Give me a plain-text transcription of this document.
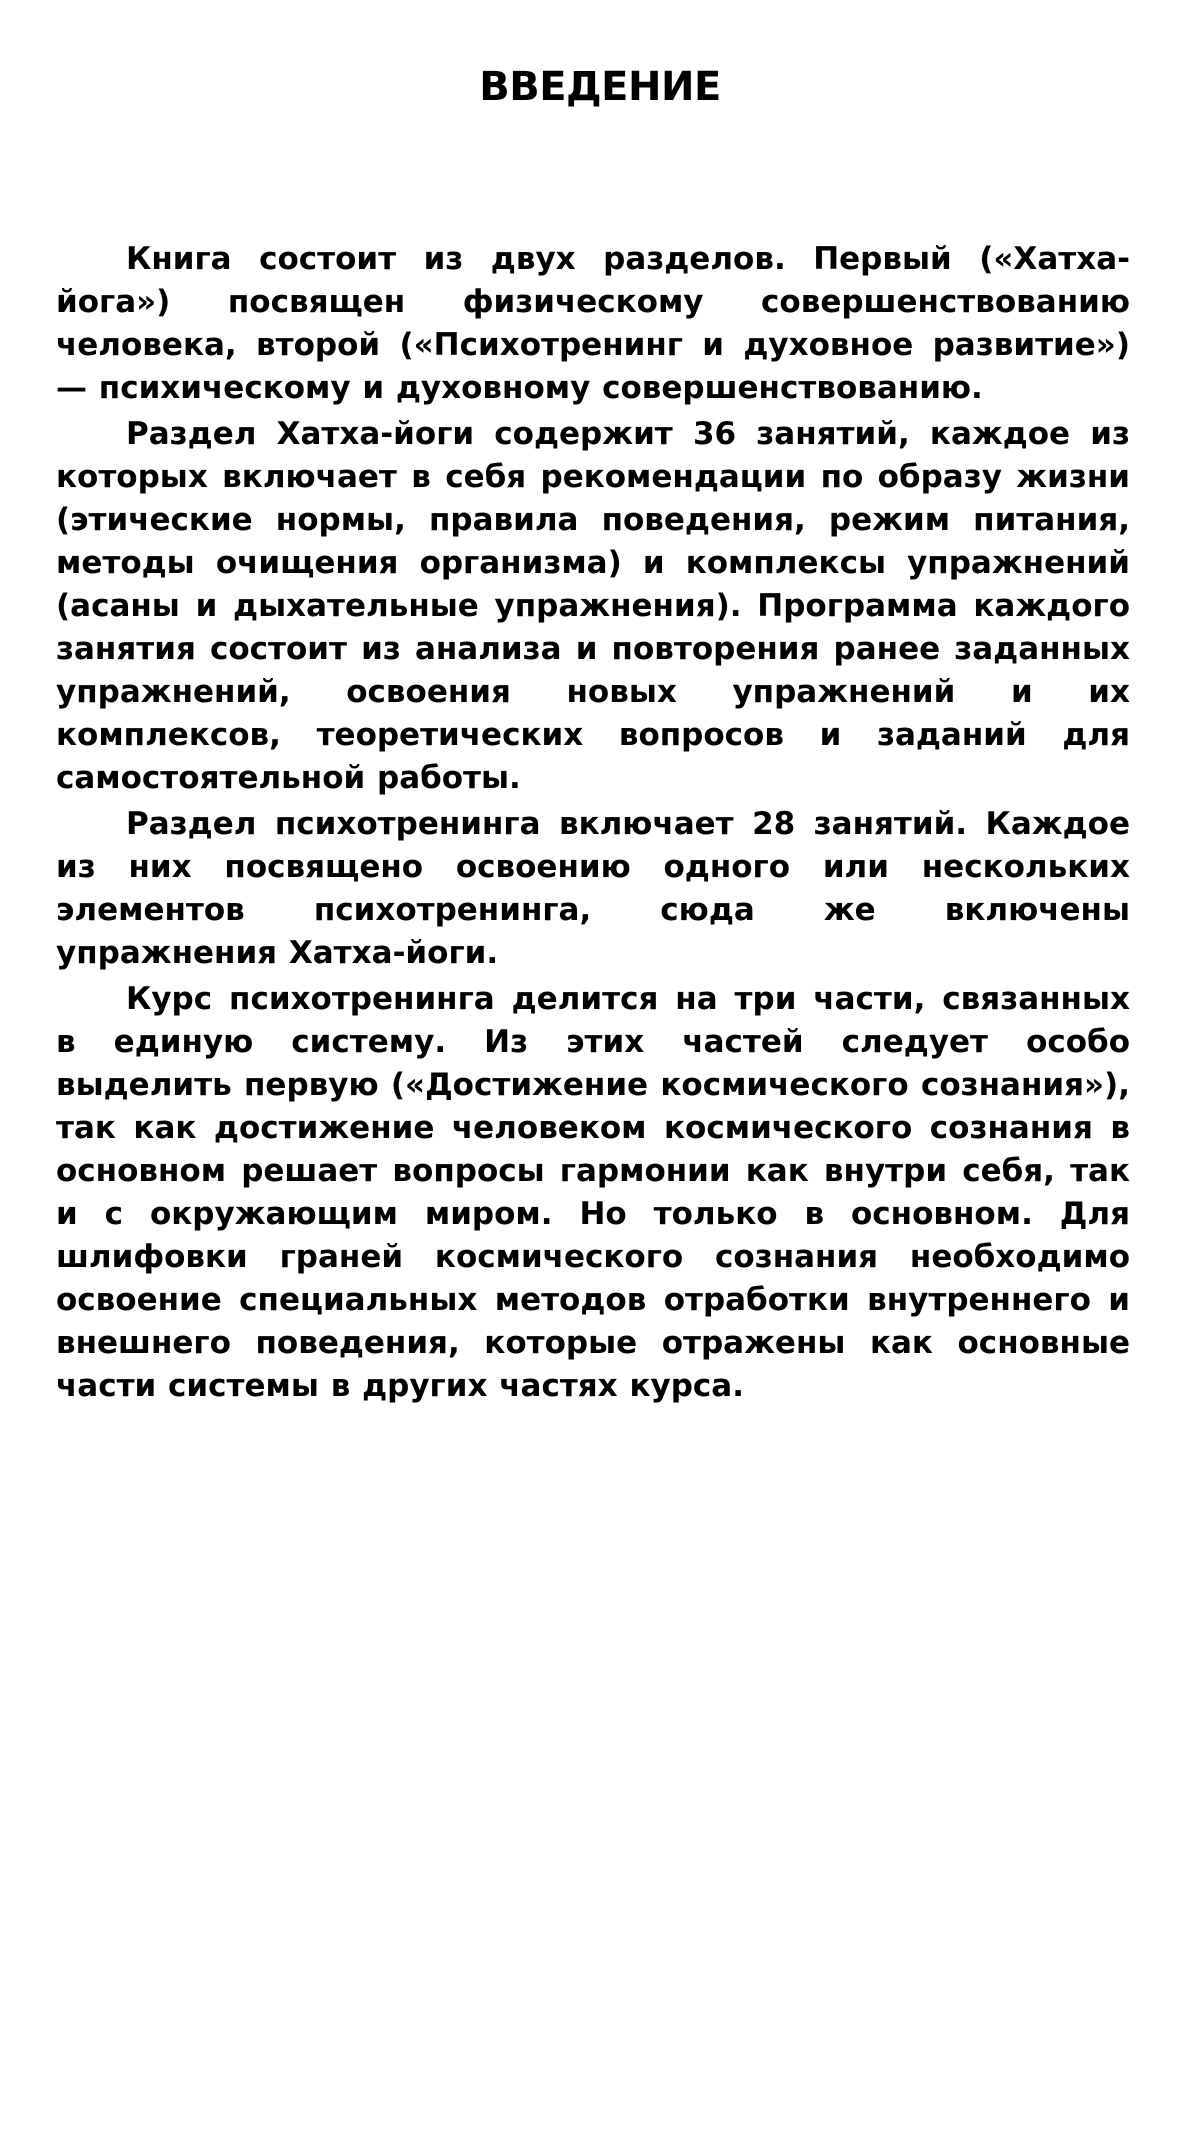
ВВЕДЕНИЕ

Книга состоит из двух разделов. Первый («Хатха-йога») посвящен физическому совершенствованию человека, второй («Психотренинг и духовное развитие») — психическому и духовному совершенствованию.

Раздел Хатха-йоги содержит 36 занятий, каждое из которых включает в себя рекомендации по образу жизни (этические нормы, правила поведения, режим питания, методы очищения организма) и комплексы упражнений (асаны и дыхательные упражнения). Программа каждого занятия состоит из анализа и повторения ранее заданных упражнений, освоения новых упражнений и их комплексов, теоретических вопросов и заданий для самостоятельной работы.

Раздел психотренинга включает 28 занятий. Каждое из них посвящено освоению одного или нескольких элементов психотренинга, сюда же включены упражнения Хатха-йоги.

Курс психотренинга делится на три части, связанных в единую систему. Из этих частей следует особо выделить первую («Достижение космического сознания»), так как достижение человеком космического сознания в основном решает вопросы гармонии как внутри себя, так и с окружающим миром. Но только в основном. Для шлифовки граней космического сознания необходимо освоение специальных методов отработки внутреннего и внешнего поведения, которые отражены как основные части системы в других частях курса.
